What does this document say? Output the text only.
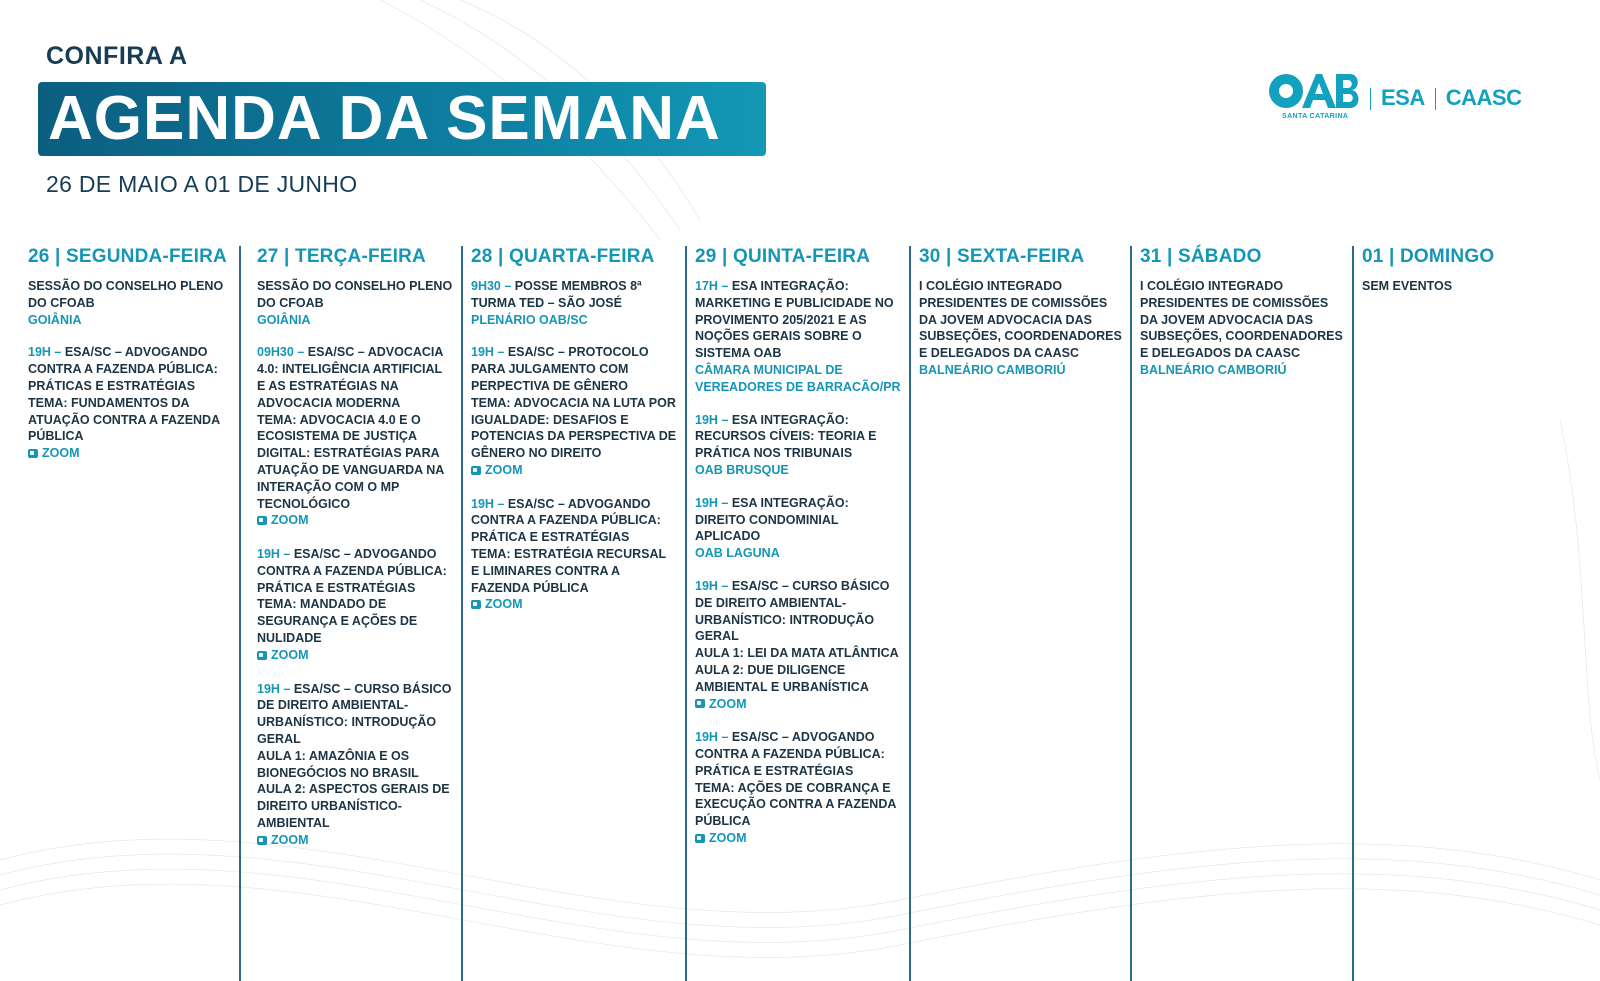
CONFIRA A
AGENDA DA SEMANA
26 DE MAIO A 01 DE JUNHO
SANTA CATARINA
ESA CAASC
26 | SEGUNDA-FEIRA
SESSÃO DO CONSELHO PLENO DO CFOAB
GOIÂNIA
19H – ESA/SC – ADVOGANDO CONTRA A FAZENDA PÚBLICA: PRÁTICAS E ESTRATÉGIAS TEMA: FUNDAMENTOS DA ATUAÇÃO CONTRA A FAZENDA PÚBLICA
ZOOM
27 | TERÇA-FEIRA
SESSÃO DO CONSELHO PLENO DO CFOAB
GOIÂNIA
09H30 – ESA/SC – ADVOCACIA 4.0: INTELIGÊNCIA ARTIFICIAL E AS ESTRATÉGIAS NA ADVOCACIA MODERNA
TEMA: ADVOCACIA 4.0 E O ECOSISTEMA DE JUSTIÇA DIGITAL: ESTRATÉGIAS PARA ATUAÇÃO DE VANGUARDA NA INTERAÇÃO COM O MP TECNOLÓGICO
ZOOM
19H – ESA/SC – ADVOGANDO CONTRA A FAZENDA PÚBLICA: PRÁTICA E ESTRATÉGIAS
TEMA: MANDADO DE SEGURANÇA E AÇÕES DE NULIDADE
ZOOM
19H – ESA/SC – CURSO BÁSICO DE DIREITO AMBIENTAL-URBANÍSTICO: INTRODUÇÃO GERAL
AULA 1: AMAZÔNIA E OS BIONEGÓCIOS NO BRASIL
AULA 2: ASPECTOS GERAIS DE DIREITO URBANÍSTICO-AMBIENTAL
ZOOM
28 | QUARTA-FEIRA
9H30 – POSSE MEMBROS 8ª TURMA TED – SÃO JOSÉ
PLENÁRIO OAB/SC
19H – ESA/SC – PROTOCOLO PARA JULGAMENTO COM PERPECTIVA DE GÊNERO
TEMA: ADVOCACIA NA LUTA POR IGUALDADE: DESAFIOS E POTENCIAS DA PERSPECTIVA DE GÊNERO NO DIREITO
ZOOM
19H – ESA/SC – ADVOGANDO CONTRA A FAZENDA PÚBLICA: PRÁTICA E ESTRATÉGIAS
TEMA: ESTRATÉGIA RECURSAL E LIMINARES CONTRA A FAZENDA PÚBLICA
ZOOM
29 | QUINTA-FEIRA
17H – ESA INTEGRAÇÃO: MARKETING E PUBLICIDADE NO PROVIMENTO 205/2021 E AS NOÇÕES GERAIS SOBRE O SISTEMA OAB
CÂMARA MUNICIPAL DE VEREADORES DE BARRACÃO/PR
19H – ESA INTEGRAÇÃO: RECURSOS CÍVEIS: TEORIA E PRÁTICA NOS TRIBUNAIS
OAB BRUSQUE
19H – ESA INTEGRAÇÃO: DIREITO CONDOMINIAL APLICADO
OAB LAGUNA
19H – ESA/SC – CURSO BÁSICO DE DIREITO AMBIENTAL-URBANÍSTICO: INTRODUÇÃO GERAL
AULA 1: LEI DA MATA ATLÂNTICA
AULA 2: DUE DILIGENCE AMBIENTAL E URBANÍSTICA
ZOOM
19H – ESA/SC – ADVOGANDO CONTRA A FAZENDA PÚBLICA: PRÁTICA E ESTRATÉGIAS
TEMA: AÇÕES DE COBRANÇA E EXECUÇÃO CONTRA A FAZENDA PÚBLICA
ZOOM
30 | SEXTA-FEIRA
I COLÉGIO INTEGRADO PRESIDENTES DE COMISSÕES DA JOVEM ADVOCACIA DAS SUBSEÇÕES, COORDENADORES E DELEGADOS DA CAASC
BALNEÁRIO CAMBORIÚ
31 | SÁBADO
I COLÉGIO INTEGRADO PRESIDENTES DE COMISSÕES DA JOVEM ADVOCACIA DAS SUBSEÇÕES, COORDENADORES E DELEGADOS DA CAASC
BALNEÁRIO CAMBORIÚ
01 | DOMINGO
SEM EVENTOS
